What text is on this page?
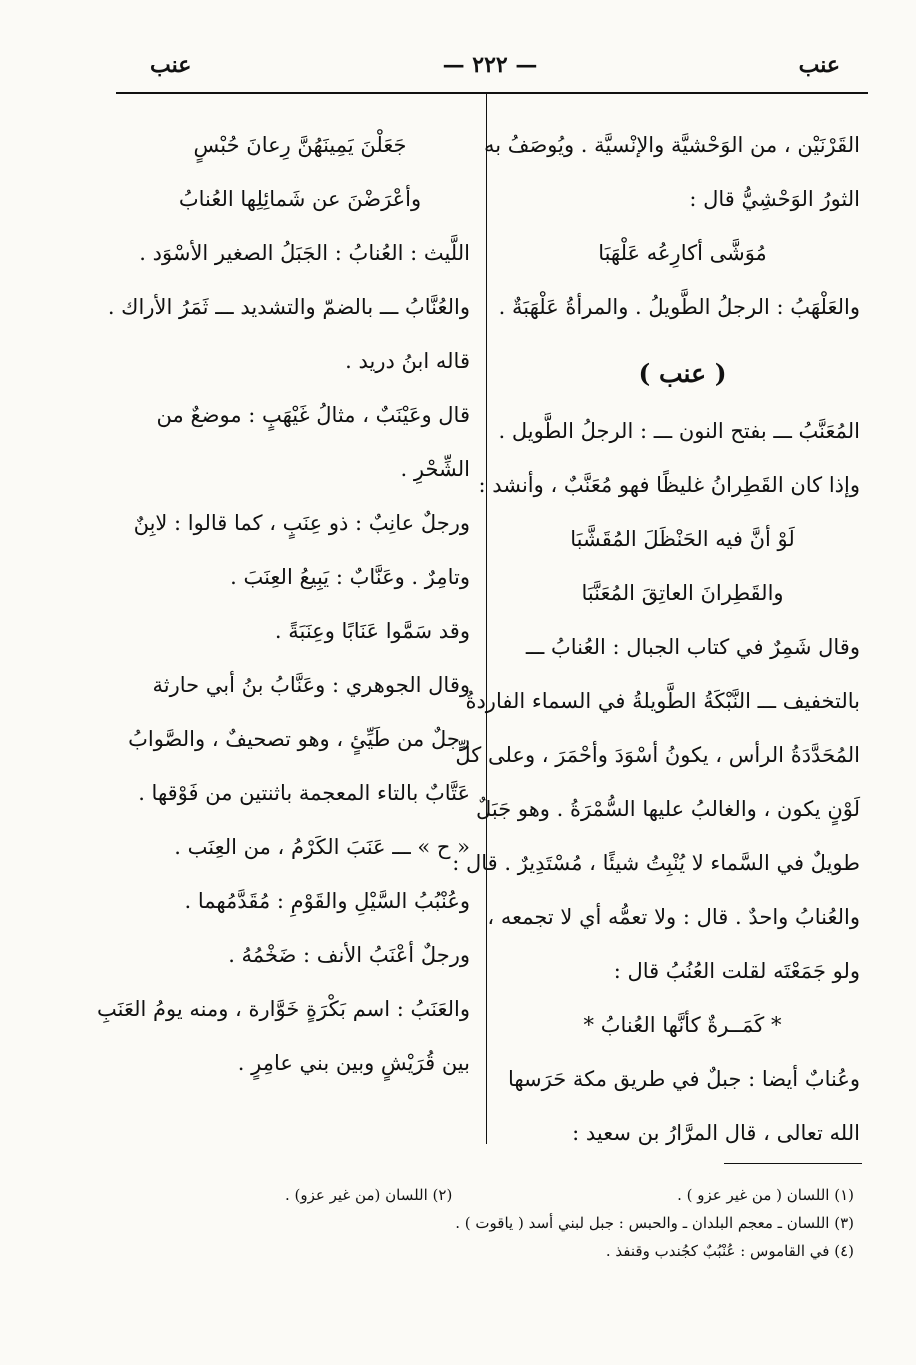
عنب
— ٢٢٢ —
عنب
القَرْنَيْن ، من الوَحْشيَّة والإنْسيَّة . ويُوصَفُ به
الثورُ الوَحْشِيُّ قال :
مُوَشَّى أكارِعُه عَلْهَبَا
والعَلْهَبُ : الرجلُ الطَّويلُ . والمرأةُ عَلْهَبَةٌ .
( عنب )
المُعَنَّبُ ـــ بفتح النون ـــ : الرجلُ الطَّويل .
وإذا كان القَطِرانُ غليظًا فهو مُعَنَّبٌ ، وأنشد :
لَوْ أنَّ فيه الحَنْظَلَ المُقَشَّبَا
والقَطِرانَ العاتِقَ المُعَنَّبَا
وقال شَمِرٌ في كتاب الجبال : العُنابُ ـــ
بالتخفيف ـــ النَّبْكَةُ الطَّويلةُ في السماء الفاردةُ
المُحَدَّدَةُ الرأس ، يكونُ أسْوَدَ وأحْمَرَ ، وعلى كلِّ
لَوْنٍ يكون ، والغالبُ عليها السُّمْرَةُ . وهو جَبَلٌ
طويلٌ في السَّماء لا يُنْبِتُ شيئًا ، مُسْتَدِيرٌ . قال :
والعُنابُ واحدٌ . قال : ولا تعمُّه أي لا تجمعه ،
ولو جَمَعْتَه لقلت العُنُبُ قال :
* كَمَــرةٌ كأنَّها العُنابُ *
وعُنابٌ أيضا : جبلٌ في طريق مكة حَرَسها
الله تعالى ، قال المرَّارُ بن سعيد :
جَعَلْنَ يَمِينَهُنَّ رِعانَ حُبْسٍ
وأعْرَضْنَ عن شَمائِلِها العُنابُ
اللَّيث : العُنابُ : الجَبَلُ الصغير الأسْوَد .
والعُنَّابُ ـــ بالضمّ والتشديد ـــ ثَمَرُ الأراك .
قاله ابنُ دريد .
قال وعَيْنَبٌ ، مثالُ غَيْهَبٍ : موضعٌ من
الشِّحْرِ .
ورجلٌ عانِبٌ : ذو عِنَبٍ ، كما قالوا : لابِنٌ
وتامِرٌ . وعَنَّابٌ : يَبِيعُ العِنَبَ .
وقد سَمَّوا عَنَابًا وعِنَبَةً .
وقال الجوهري : وعَنَّابُ بنُ أبي حارثة
رجلٌ من طَيِّئٍ ، وهو تصحيفٌ ، والصَّوابُ
عَتَّابٌ بالتاء المعجمة باثنتين من فَوْقها .
« ح » ـــ عَنَبَ الكَرْمُ ، من العِنَب .
وعُنْبُبُ السَّيْلِ والقَوْمِ : مُقَدَّمُهما .
ورجلٌ أعْنَبُ الأنف : ضَخْمُهُ .
والعَنَبُ : اسم بَكْرَةٍ خَوَّارة ، ومنه يومُ العَنَبِ
بين قُرَيْشٍ وبين بني عامِرٍ .
(١) اللسان ( من غير عزو ) .
(٢) اللسان (من غير عزو) .
(٣) اللسان ـ معجم البلدان ـ والحبس : جبل لبني أسد ( ياقوت ) .
(٤) في القاموس : عُنْبُبٌ كجُندب وقنفذ .
